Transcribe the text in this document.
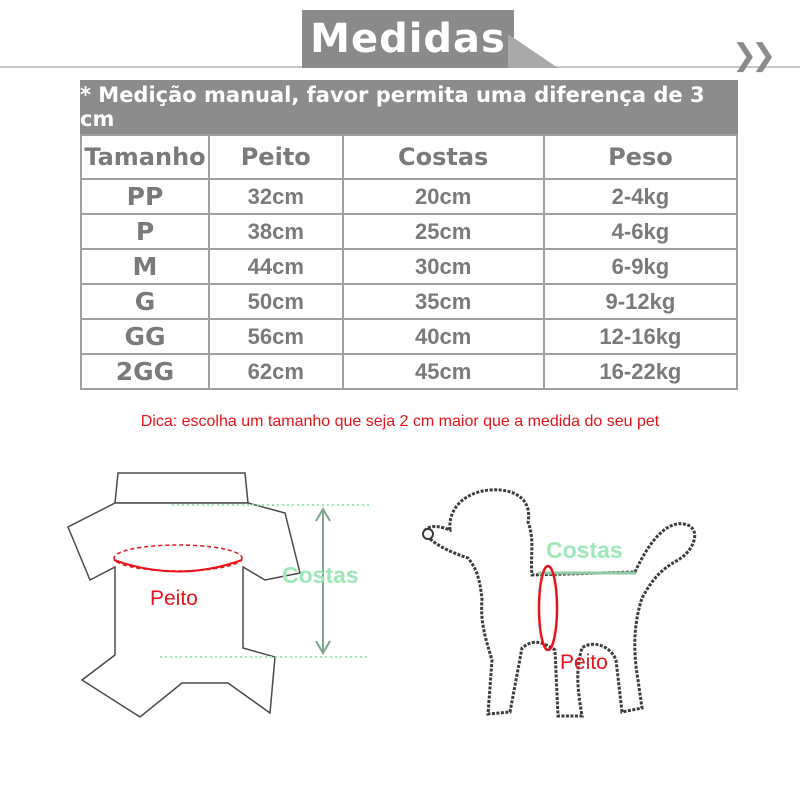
Medidas	❯❯
* Medição manual, favor permita uma diferença de 3 cm
Tamanho	Peito	Costas	Peso
PP	32cm	20cm	2-4kg
P	38cm	25cm	4-6kg
M	44cm	30cm	6-9kg
G	50cm	35cm	9-12kg
GG	56cm	40cm	12-16kg
2GG	62cm	45cm	16-22kg
Dica: escolha um tamanho que seja 2 cm maior que a medida do seu pet
Costas
Peito
Costas
Peito
